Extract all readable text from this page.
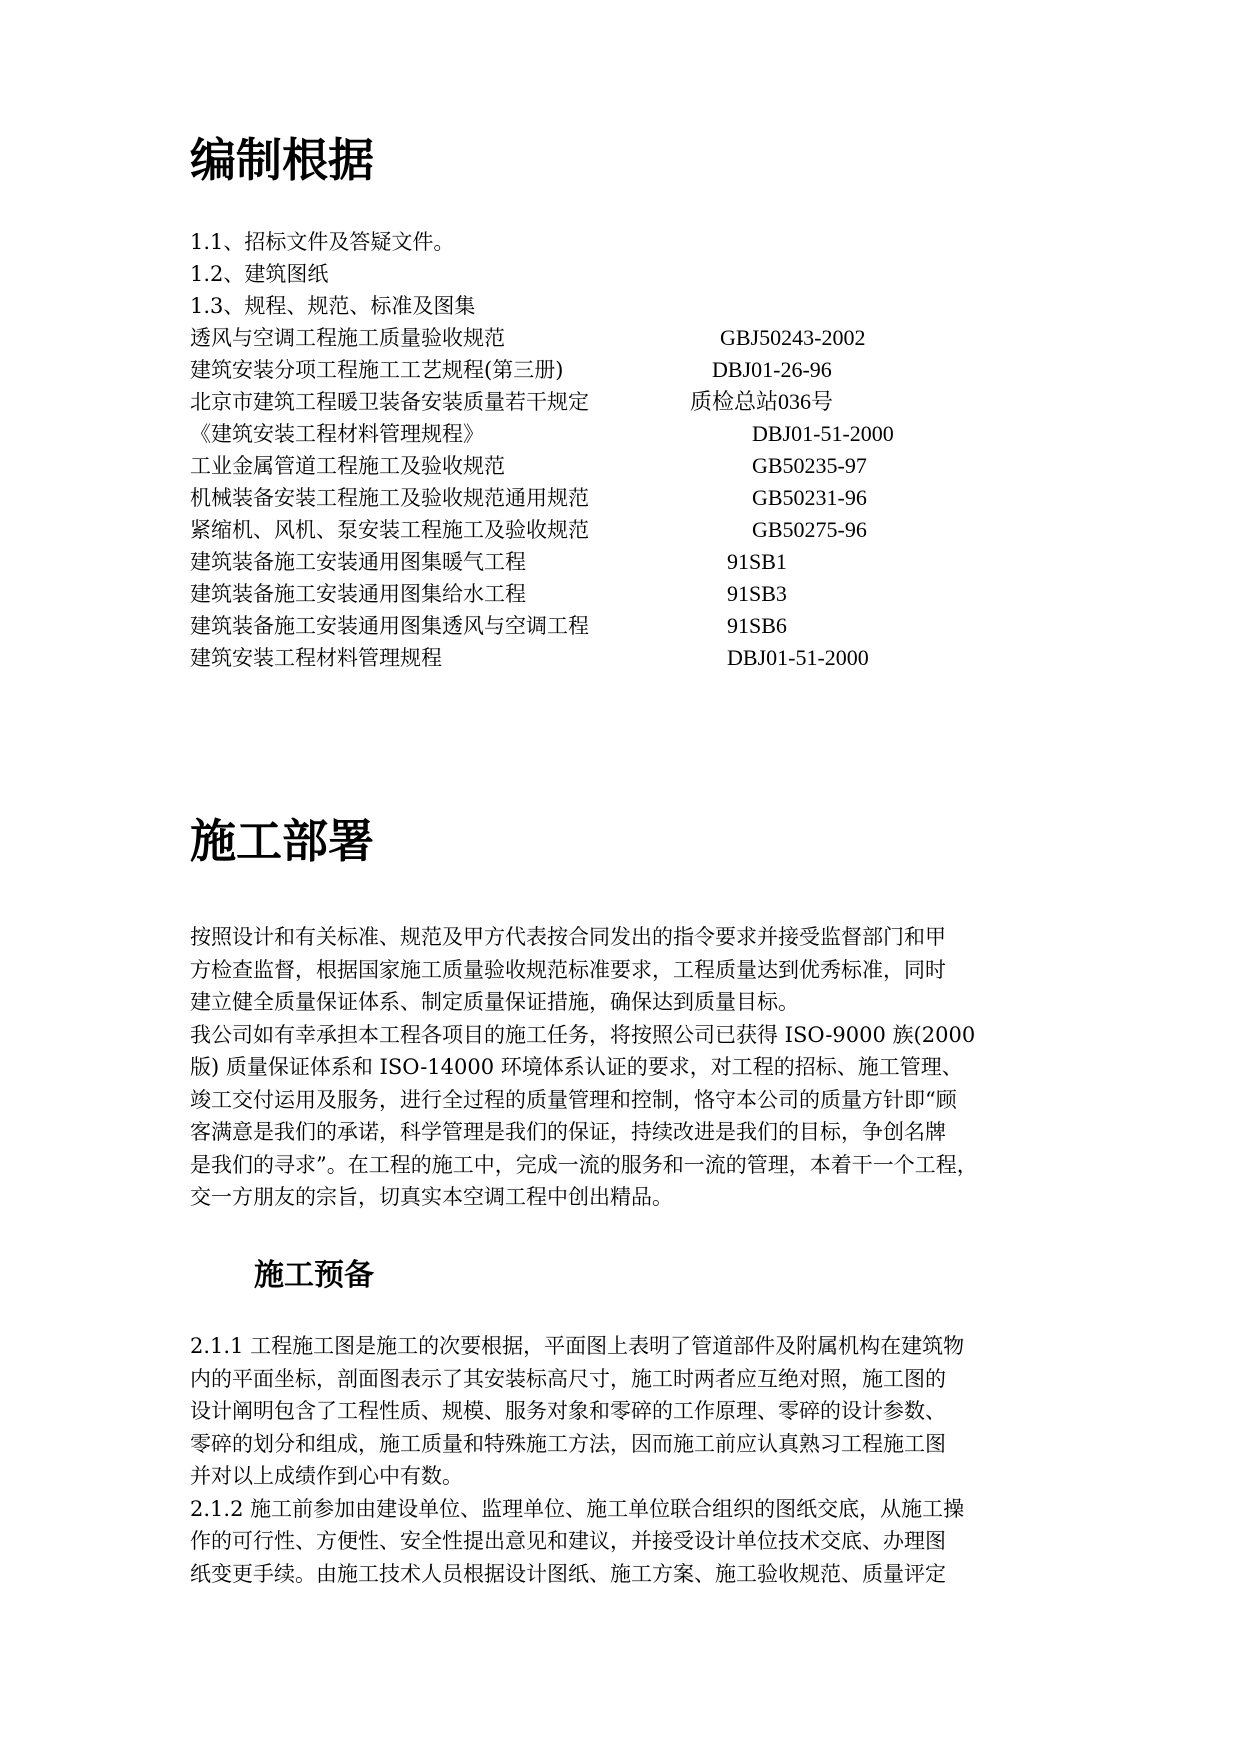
编制根据
1.1、招标文件及答疑文件。
1.2、建筑图纸
1.3、规程、规范、标准及图集
透风与空调工程施工质量验收规范	GBJ50243-2002
建筑安装分项工程施工工艺规程(第三册)	DBJ01-26-96
北京市建筑工程暖卫装备安装质量若干规定	质检总站036号
《建筑安装工程材料管理规程》	DBJ01-51-2000
工业金属管道工程施工及验收规范	GB50235-97
机械装备安装工程施工及验收规范通用规范	GB50231-96
紧缩机、风机、泵安装工程施工及验收规范	GB50275-96
建筑装备施工安装通用图集暖气工程	91SB1
建筑装备施工安装通用图集给水工程	91SB3
建筑装备施工安装通用图集透风与空调工程	91SB6
建筑安装工程材料管理规程	DBJ01-51-2000
施工部署
按照设计和有关标准、规范及甲方代表按合同发出的指令要求并接受监督部门和甲
方检查监督，根据国家施工质量验收规范标准要求，工程质量达到优秀标准，同时
建立健全质量保证体系、制定质量保证措施，确保达到质量目标。
我公司如有幸承担本工程各项目的施工任务，将按照公司已获得 ISO-9000 族(2000
版) 质量保证体系和 ISO-14000 环境体系认证的要求，对工程的招标、施工管理、
竣工交付运用及服务，进行全过程的质量管理和控制，恪守本公司的质量方针即“顾
客满意是我们的承诺，科学管理是我们的保证，持续改进是我们的目标，争创名牌
是我们的寻求”。在工程的施工中，完成一流的服务和一流的管理，本着干一个工程，
交一方朋友的宗旨，切真实本空调工程中创出精品。
施工预备
2.1.1 工程施工图是施工的次要根据，平面图上表明了管道部件及附属机构在建筑物
内的平面坐标，剖面图表示了其安装标高尺寸，施工时两者应互绝对照，施工图的
设计阐明包含了工程性质、规模、服务对象和零碎的工作原理、零碎的设计参数、
零碎的划分和组成，施工质量和特殊施工方法，因而施工前应认真熟习工程施工图
并对以上成绩作到心中有数。
2.1.2 施工前参加由建设单位、监理单位、施工单位联合组织的图纸交底，从施工操
作的可行性、方便性、安全性提出意见和建议，并接受设计单位技术交底、办理图
纸变更手续。由施工技术人员根据设计图纸、施工方案、施工验收规范、质量评定
